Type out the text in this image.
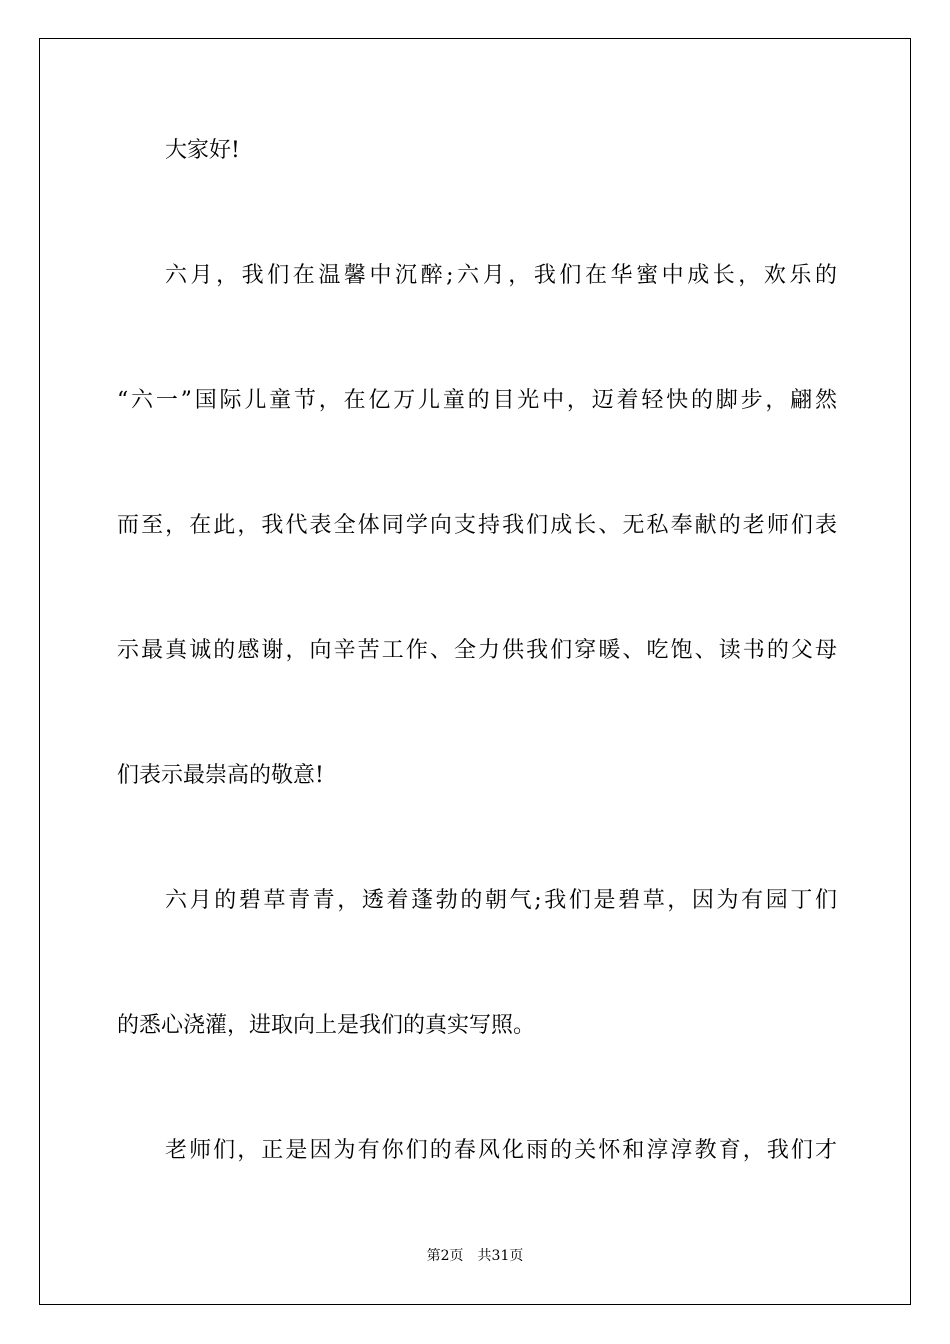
大家好!
六月，我们在温馨中沉醉;六月，我们在华蜜中成长，欢乐的
“六一”国际儿童节，在亿万儿童的目光中，迈着轻快的脚步，翩然
而至，在此，我代表全体同学向支持我们成长、无私奉献的老师们表
示最真诚的感谢，向辛苦工作、全力供我们穿暖、吃饱、读书的父母
们表示最崇高的敬意!
六月的碧草青青，透着蓬勃的朝气;我们是碧草，因为有园丁们
的悉心浇灌，进取向上是我们的真实写照。
老师们，正是因为有你们的春风化雨的关怀和淳淳教育，我们才
第2页 共31页
